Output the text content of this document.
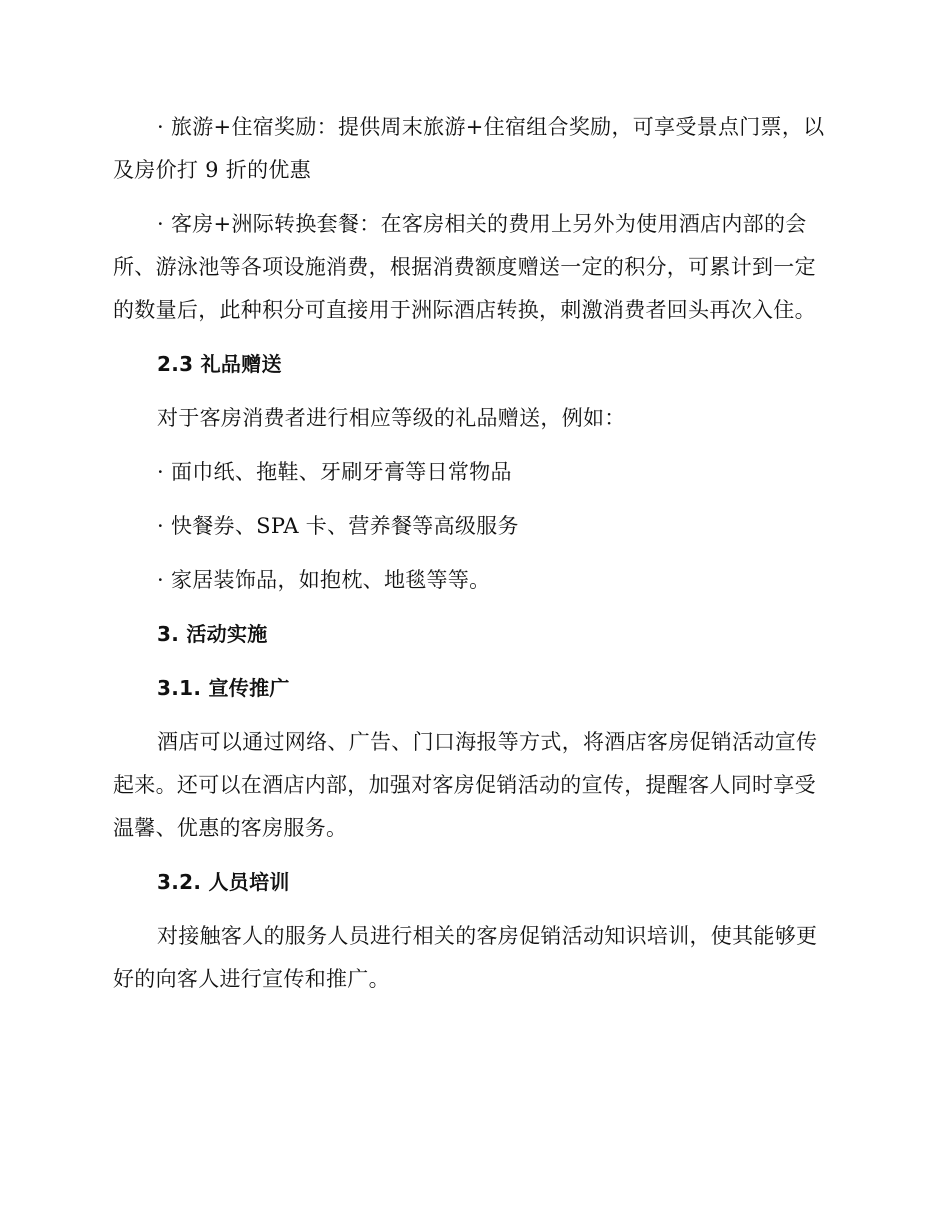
· 旅游+住宿奖励：提供周末旅游+住宿组合奖励，可享受景点门票，以及房价打 9 折的优惠

· 客房+洲际转换套餐：在客房相关的费用上另外为使用酒店内部的会所、游泳池等各项设施消费，根据消费额度赠送一定的积分，可累计到一定的数量后，此种积分可直接用于洲际酒店转换，刺激消费者回头再次入住。

2.3 礼品赠送

对于客房消费者进行相应等级的礼品赠送，例如：

· 面巾纸、拖鞋、牙刷牙膏等日常物品

· 快餐券、SPA 卡、营养餐等高级服务

· 家居装饰品，如抱枕、地毯等等。

3. 活动实施

3.1. 宣传推广

酒店可以通过网络、广告、门口海报等方式，将酒店客房促销活动宣传起来。还可以在酒店内部，加强对客房促销活动的宣传，提醒客人同时享受温馨、优惠的客房服务。

3.2. 人员培训

对接触客人的服务人员进行相关的客房促销活动知识培训，使其能够更好的向客人进行宣传和推广。
